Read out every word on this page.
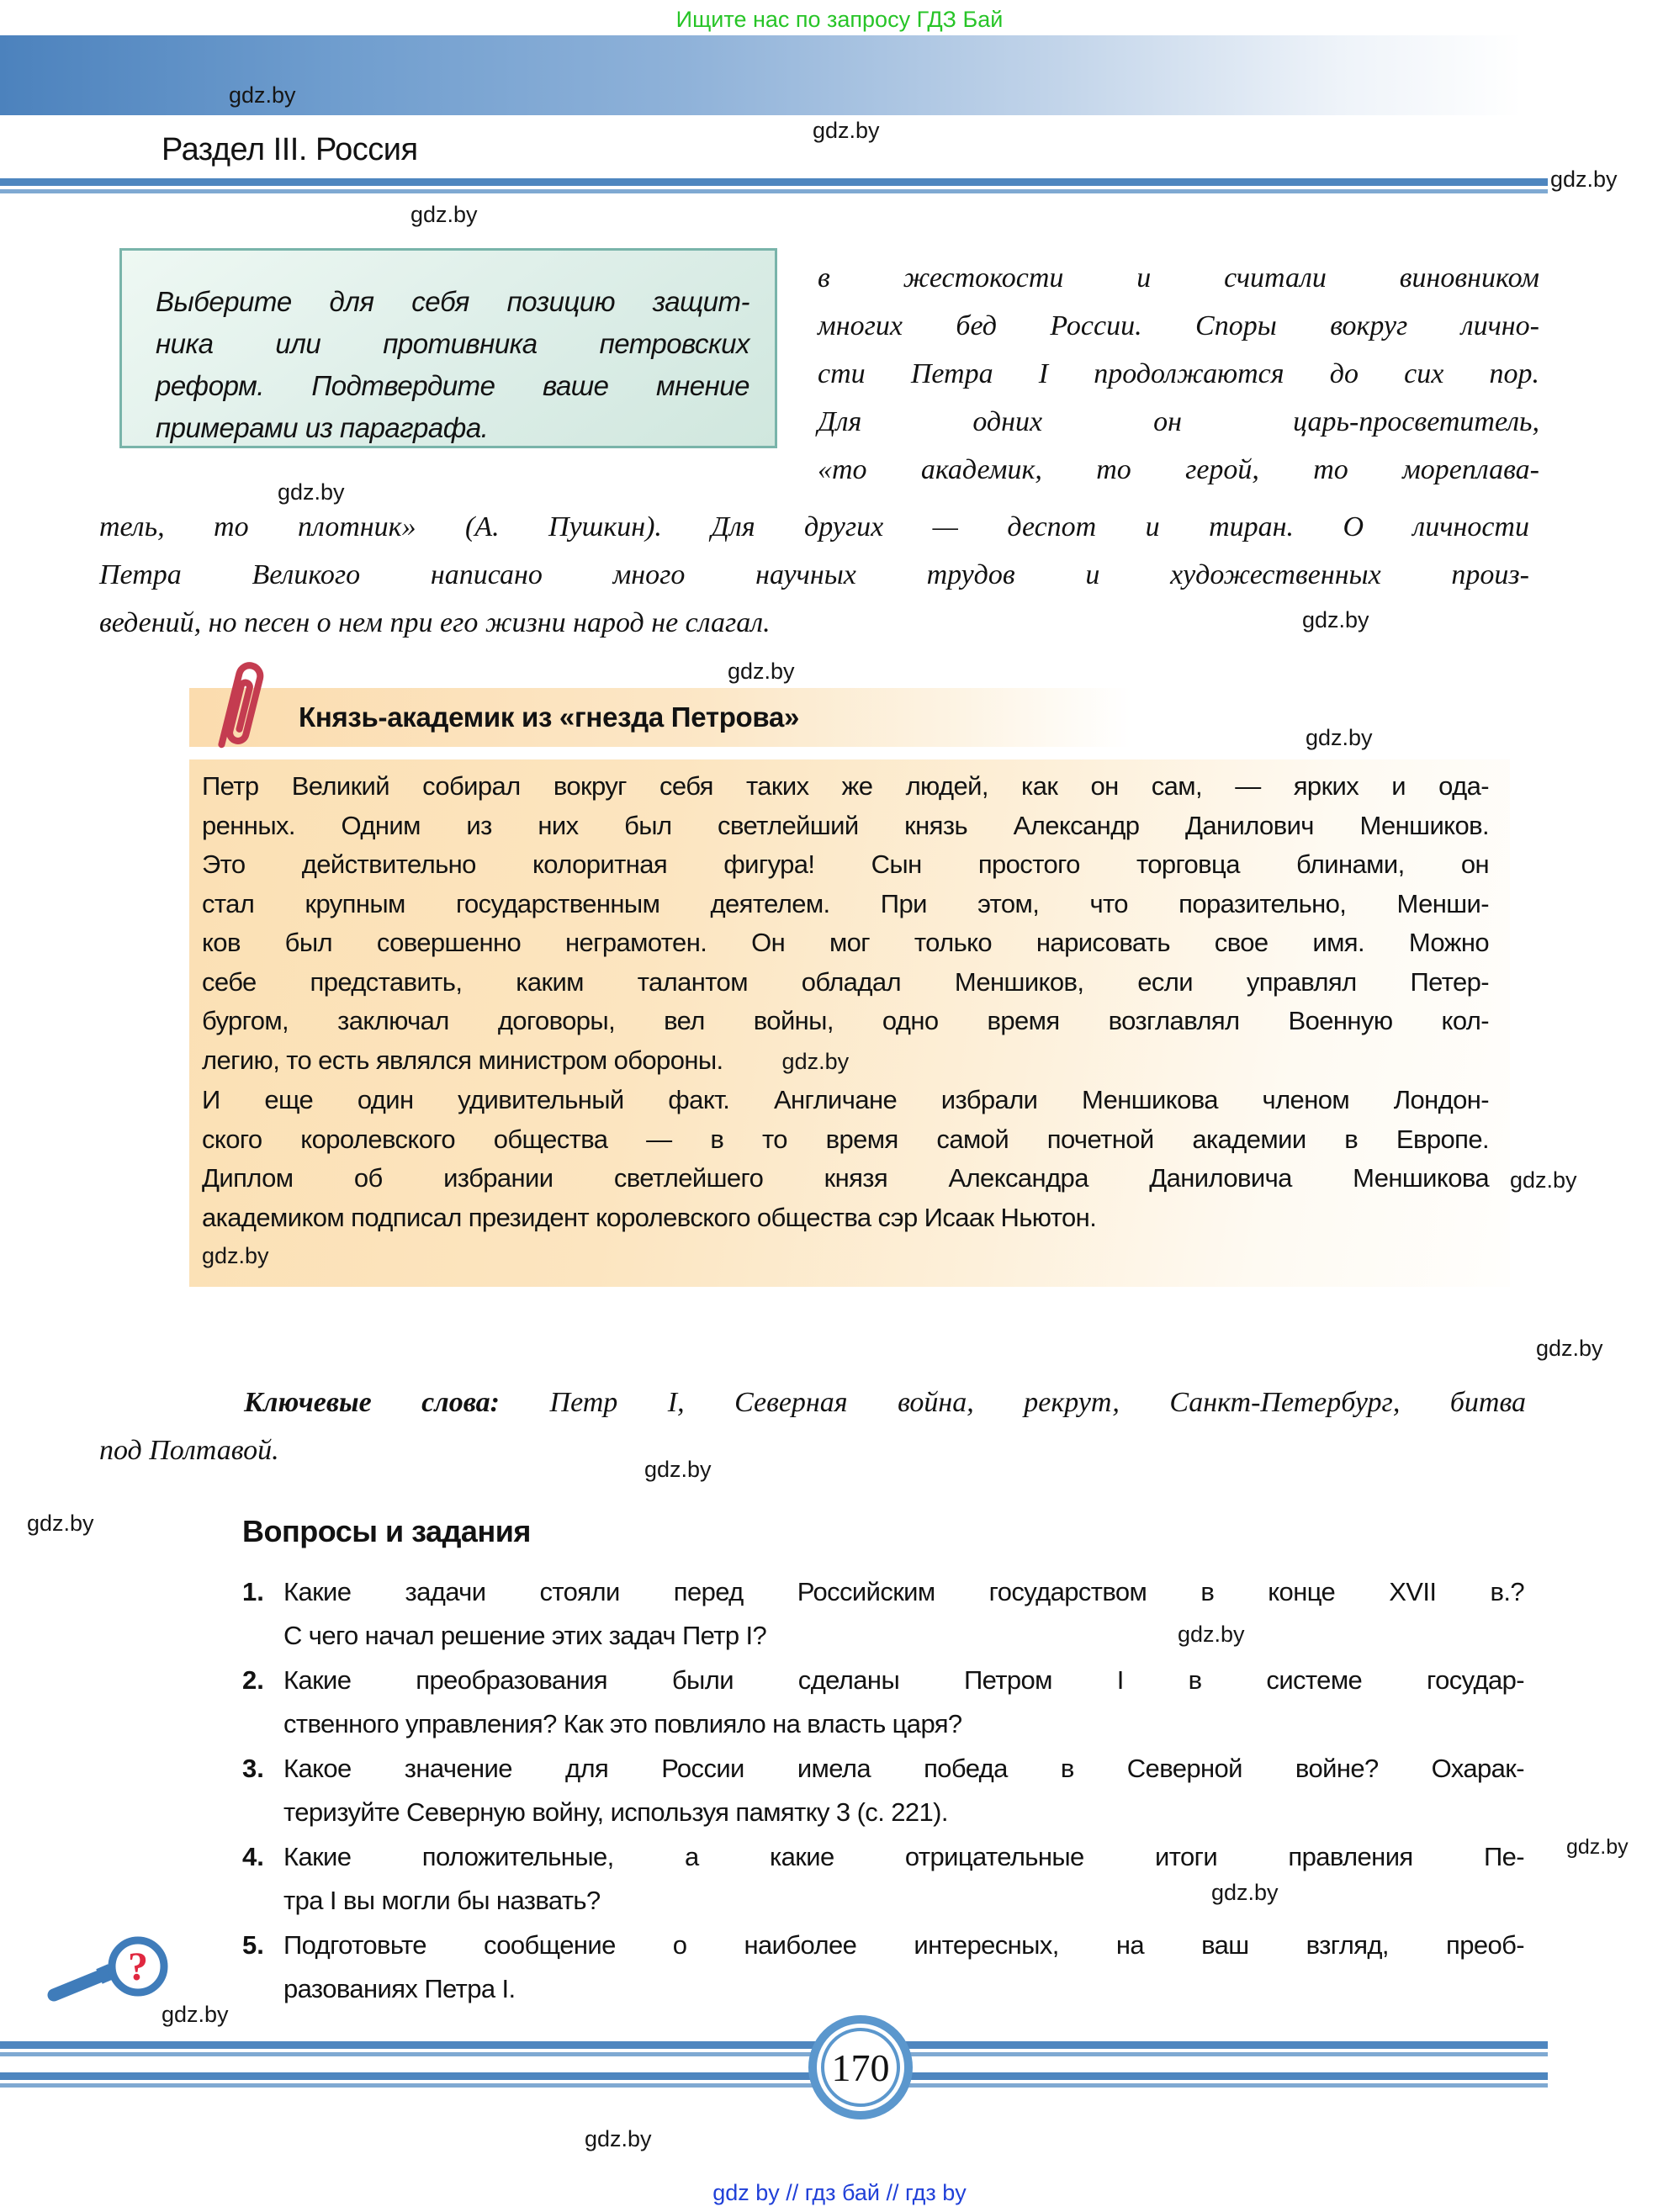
Ищите нас по запросу ГДЗ Бай
gdz.by
Раздел III. Россия
gdz.by
gdz.by
Выберите для себя позицию защит-
ника или противника петровских
реформ. Подтвердите ваше мнение
примерами из параграфа.
в жестокости и считали виновником
многих бед России. Споры вокруг лично-
сти Петра I продолжаются до сих пор.
Для одних он царь-просветитель,
«то академик, то герой, то мореплава-
gdz.by
тель, то плотник» (А. Пушкин). Для других — деспот и тиран. О личности
Петра Великого написано много научных трудов и художественных произ-
ведений, но песен о нем при его жизни народ не слагал.
gdz.by
gdz.by
gdz.by
Князь-академик из «гнезда Петрова»
gdz.by
Петр Великий собирал вокруг себя таких же людей, как он сам, — ярких и ода-
ренных. Одним из них был светлейший князь Александр Данилович Меншиков.
Это действительно колоритная фигура! Сын простого торговца блинами, он
стал крупным государственным деятелем. При этом, что поразительно, Менши-
ков был совершенно неграмотен. Он мог только нарисовать свое имя. Можно
себе представить, каким талантом обладал Меншиков, если управлял Петер-
бургом, заключал договоры, вел войны, одно время возглавлял Военную кол-
легию, то есть являлся министром обороны.	gdz.by
И еще один удивительный факт. Англичане избрали Меншикова членом Лондон-
ского королевского общества — в то время самой почетной академии в Европе.
Диплом об избрании светлейшего князя Александра Даниловича Меншикова
академиком подписал президент королевского общества сэр Исаак Ньютон.
gdz.by
gdz.by
gdz.by
Ключевые слова: Петр I, Северная война, рекрут, Санкт-Петербург, битва
под Полтавой.
gdz.by
gdz.by	Вопросы и задания
1. Какие задачи стояли перед Российским государством в конце XVII в.?
С чего начал решение этих задач Петр I?	gdz.by
2. Какие преобразования были сделаны Петром I в системе государ-
ственного управления? Как это повлияло на власть царя?
3. Какое значение для России имела победа в Северной войне? Охарак-
теризуйте Северную войну, используя памятку 3 (с. 221).
4. Какие положительные, а какие отрицательные итоги правления Пе-
тра I вы могли бы назвать?
gdz.by
gdz.by
5. Подготовьте сообщение о наиболее интересных, на ваш взгляд, преоб-
разованиях Петра I.
?
gdz.by
170
gdz.by
gdz by // гдз бай // гдз by
